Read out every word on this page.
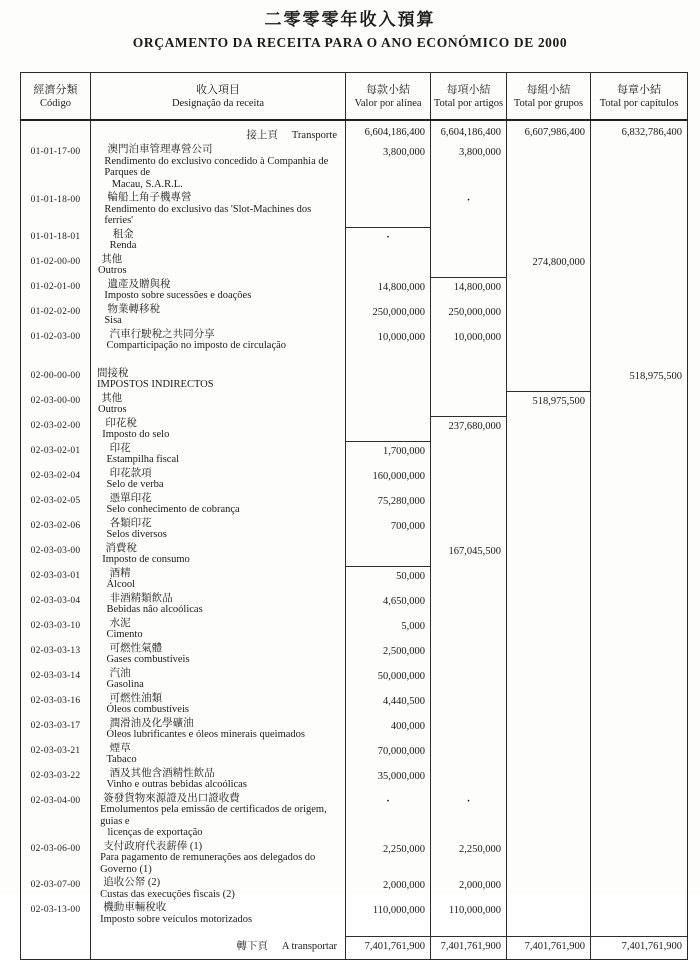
二零零零年收入預算
ORÇAMENTO DA RECEITA PARA O ANO ECONÓMICO DE 2000
經濟分類
Código	收入項目
Designação da receita	每款小結
Valor por alínea	每項小結
Total por artigos	每組小結
Total por grupos	每章小結
Total por capítulos

	接上頁 Transporte	6,604,186,400	6,604,186,400	6,607,986,400	6,832,786,400
01-01-17-00	澳門泊車管理專營公司
Rendimento do exclusivo concedido à Companhia de Parques de
Macau, S.A.R.L.	3,800,000	3,800,000		
01-01-18-00	輪船上角子機專營
Rendimento do exclusivo das 'Slot-Machines dos ferries'		·		
01-01-18-01	租金
Renda	·			
01-02-00-00	其他
Outros			274,800,000	
01-02-01-00	遺產及贈與稅
Imposto sobre sucessões e doações	14,800,000	14,800,000		
01-02-02-00	物業轉移稅
Sisa	250,000,000	250,000,000		
01-02-03-00	汽車行駛稅之共同分享
Comparticipação no imposto de circulação	10,000,000	10,000,000		

02-00-00-00	間接稅
IMPOSTOS INDIRECTOS				518,975,500
02-03-00-00	其他
Outros			518,975,500	
02-03-02-00	印花稅
Imposto do selo		237,680,000		
02-03-02-01	印花
Estampilha fiscal	1,700,000			
02-03-02-04	印花款項
Selo de verba	160,000,000			
02-03-02-05	憑單印花
Selo conhecimento de cobrança	75,280,000			
02-03-02-06	各類印花
Selos diversos	700,000			
02-03-03-00	消費稅
Imposto de consumo		167,045,500		
02-03-03-01	酒精
Álcool	50,000			
02-03-03-04	非酒精類飲品
Bebidas não alcoólicas	4,650,000			
02-03-03-10	水泥
Cimento	5,000			
02-03-03-13	可燃性氣體
Gases combustíveis	2,500,000			
02-03-03-14	汽油
Gasolina	50,000,000			
02-03-03-16	可燃性油類
Óleos combustíveis	4,440,500			
02-03-03-17	潤滑油及化學礦油
Óleos lubrificantes e óleos minerais queimados	400,000			
02-03-03-21	煙草
Tabaco	70,000,000			
02-03-03-22	酒及其他含酒精性飲品
Vinho e outras bebidas alcoólicas	35,000,000			
02-03-04-00	簽發貨物來源證及出口證收費
Emolumentos pela emissão de certificados de origem, guias e
licenças de exportação	·	·		
02-03-06-00	支付政府代表薪俸 (1)
Para pagamento de remunerações aos delegados do Governo (1)	2,250,000	2,250,000		
02-03-07-00	追收公帑 (2)
Custas das execuções fiscais (2)	2,000,000	2,000,000		
02-03-13-00	機動車輛稅收
Imposto sobre veículos motorizados	110,000,000	110,000,000		

	轉下頁 A transportar	7,401,761,900	7,401,761,900	7,401,761,900	7,401,761,900
